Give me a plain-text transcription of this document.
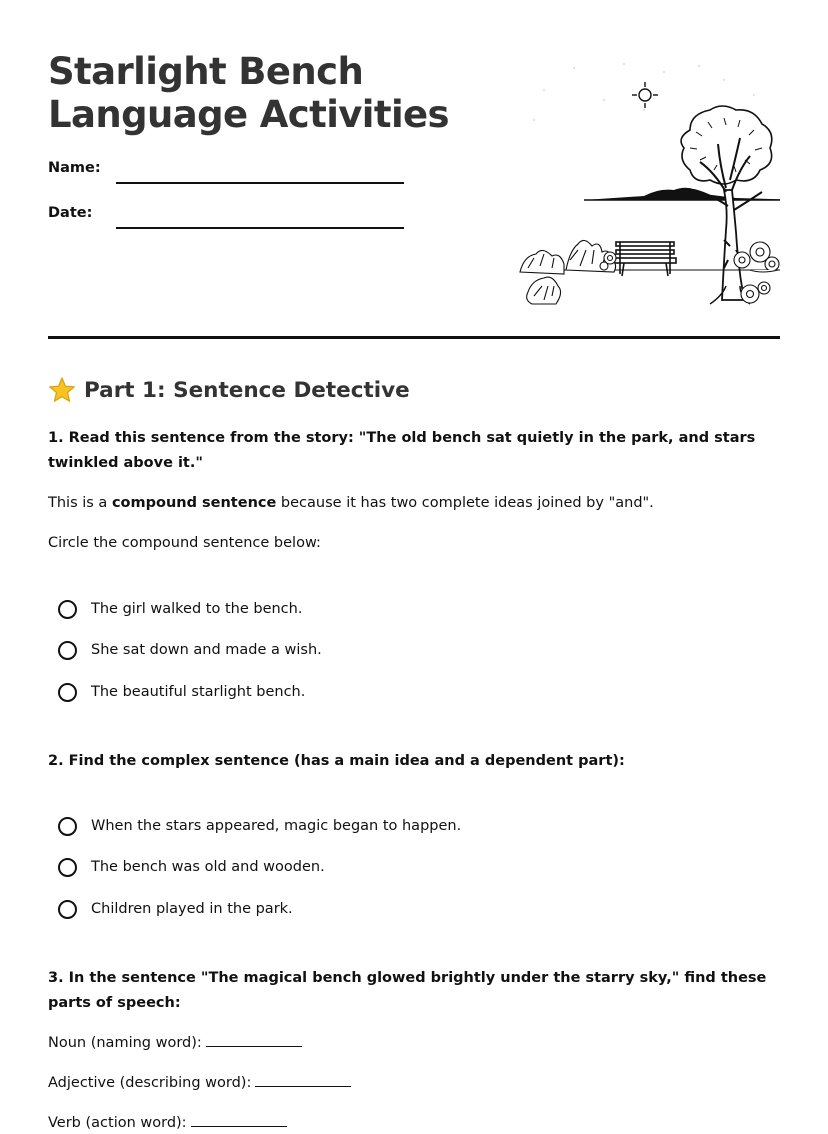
Starlight Bench
Language Activities
Name:
Date:
Part 1: Sentence Detective

1. Read this sentence from the story: "The old bench sat quietly in the park, and stars twinkled above it."

This is a compound sentence because it has two complete ideas joined by "and".

Circle the compound sentence below:

The girl walked to the bench.
She sat down and made a wish.
The beautiful starlight bench.

2. Find the complex sentence (has a main idea and a dependent part):

When the stars appeared, magic began to happen.
The bench was old and wooden.
Children played in the park.

3. In the sentence "The magical bench glowed brightly under the starry sky," find these parts of speech:

Noun (naming word):

Adjective (describing word):

Verb (action word):
